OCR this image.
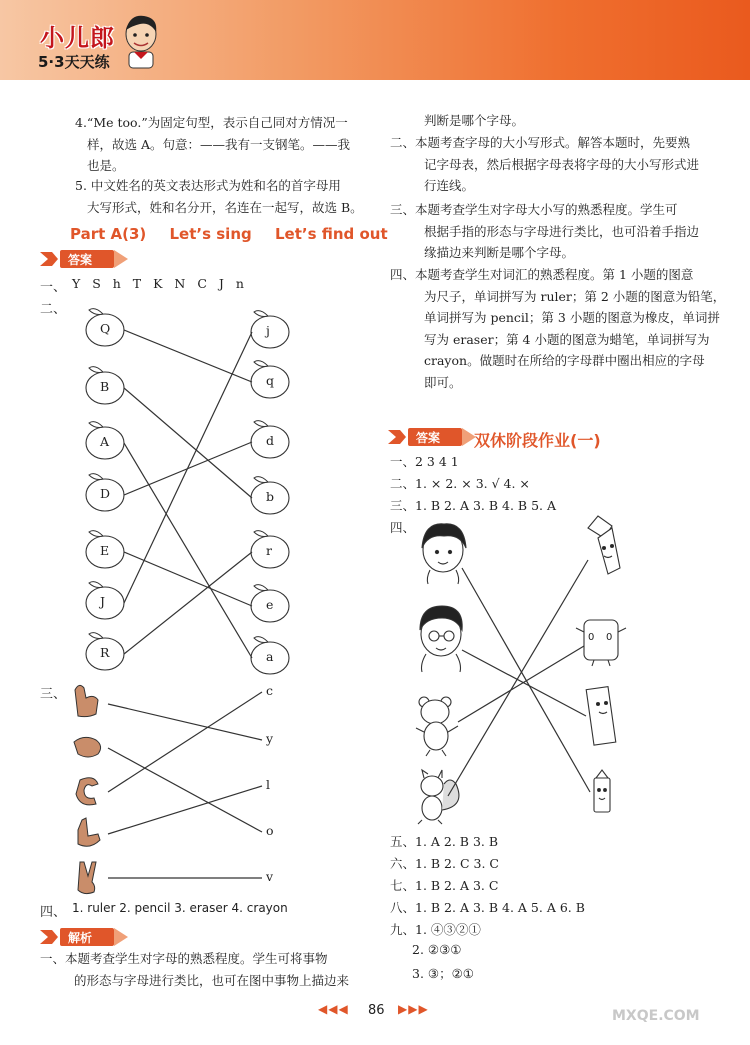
小儿郎
5·3天天练
4.“Me too.”为固定句型，表示自己同对方情况一
样，故选 A。句意：——我有一支钢笔。——我
也是。
5. 中文姓名的英文表达形式为姓和名的首字母用
大写形式，姓和名分开，名连在一起写，故选 B。
Part A(3) Let’s sing Let’s find out
答案
一、 Y S h T K N C J n
二、
Q
B
A
D
E
J
R
j
q
d
b
r
e
a
三、	c
y
l
o
v
四、 1. ruler 2. pencil 3. eraser 4. crayon
解析
一、本题考查学生对字母的熟悉程度。学生可将事物
的形态与字母进行类比，也可在图中事物上描边来
判断是哪个字母。
二、本题考查字母的大小写形式。解答本题时，先要熟
记字母表，然后根据字母表将字母的大小写形式进
行连线。
三、本题考查学生对字母大小写的熟悉程度。学生可
根据手指的形态与字母进行类比，也可沿着手指边
缘描边来判断是哪个字母。
四、本题考查学生对词汇的熟悉程度。第 1 小题的图意
为尺子，单词拼写为 ruler；第 2 小题的图意为铅笔，
单词拼写为 pencil；第 3 小题的图意为橡皮，单词拼
写为 eraser；第 4 小题的图意为蜡笔，单词拼写为
crayon。做题时在所给的字母群中圈出相应的字母
即可。
双休阶段作业(一)
答案
一、2 3 4 1
二、1. × 2. × 3. √ 4. ×
三、1. B 2. A 3. B 4. B 5. A
四、
0 0
五、1. A 2. B 3. B
六、1. B 2. C 3. C
七、1. B 2. A 3. C
八、1. B 2. A 3. B 4. A 5. A 6. B
九、1. ④③②①
2. ②③①
3. ③；②①
◀◀◀ 86 ▶▶▶	MXQE.COM
